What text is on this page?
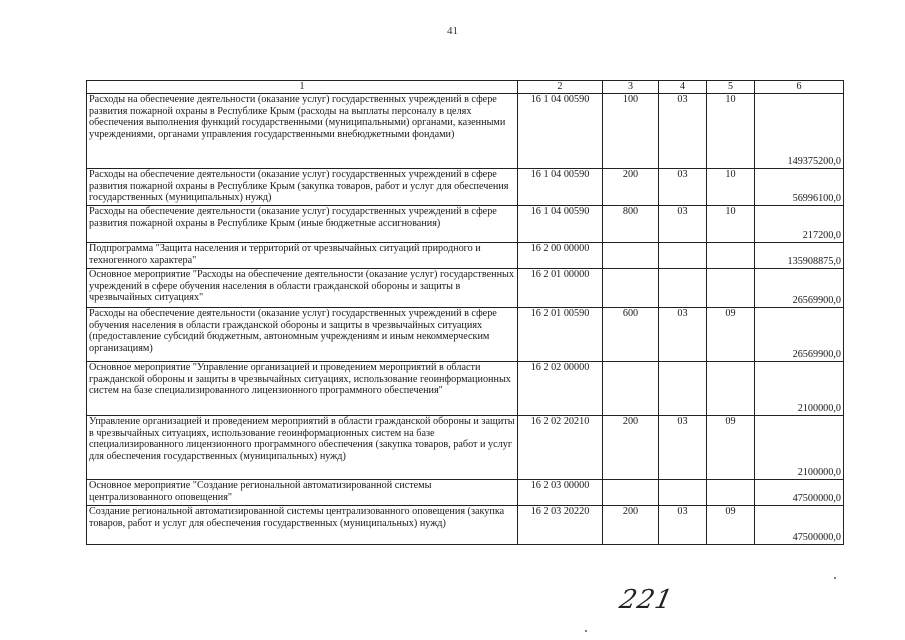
41
1	2	3	4	5	6
Расходы на обеспечение деятельности (оказание услуг) государственных учреждений в сфере развития пожарной охраны в Республике Крым (расходы на выплаты персоналу в целях обеспечения выполнения функций государственными (муниципальными) органами, казенными учреждениями, органами управления государственными внебюджетными фондами)	16 1 04 00590	100	03	10	149375200,0
Расходы на обеспечение деятельности (оказание услуг) государственных учреждений в сфере развития пожарной охраны в Республике Крым (закупка товаров, работ и услуг для обеспечения государственных (муниципальных) нужд)	16 1 04 00590	200	03	10	56996100,0
Расходы на обеспечение деятельности (оказание услуг) государственных учреждений в сфере развития пожарной охраны в Республике Крым (иные бюджетные ассигнования)	16 1 04 00590	800	03	10	217200,0
Подпрограмма "Защита населения и территорий от чрезвычайных ситуаций природного и техногенного характера"	16 2 00 00000				135908875,0
Основное мероприятие "Расходы на обеспечение деятельности (оказание услуг) государственных учреждений в сфере обучения населения в области гражданской обороны и защиты в чрезвычайных ситуациях"	16 2 01 00000				26569900,0
Расходы на обеспечение деятельности (оказание услуг) государственных учреждений в сфере обучения населения в области гражданской обороны и защиты в чрезвычайных ситуациях (предоставление субсидий бюджетным, автономным учреждениям и иным некоммерческим организациям)	16 2 01 00590	600	03	09	26569900,0
Основное мероприятие "Управление организацией и проведением мероприятий в области гражданской обороны и защиты в чрезвычайных ситуациях, использование геоинформационных систем на базе специализированного лицензионного программного обеспечения"	16 2 02 00000				2100000,0
Управление организацией и проведением мероприятий в области гражданской обороны и защиты в чрезвычайных ситуациях, использование геоинформационных систем на базе специализированного лицензионного программного обеспечения (закупка товаров, работ и услуг для обеспечения государственных (муниципальных) нужд)	16 2 02 20210	200	03	09	2100000,0
Основное мероприятие "Создание региональной автоматизированной системы централизованного оповещения"	16 2 03 00000				47500000,0
Создание региональной автоматизированной системы централизованного оповещения (закупка товаров, работ и услуг для обеспечения государственных (муниципальных) нужд)	16 2 03 20220	200	03	09	47500000,0
221
